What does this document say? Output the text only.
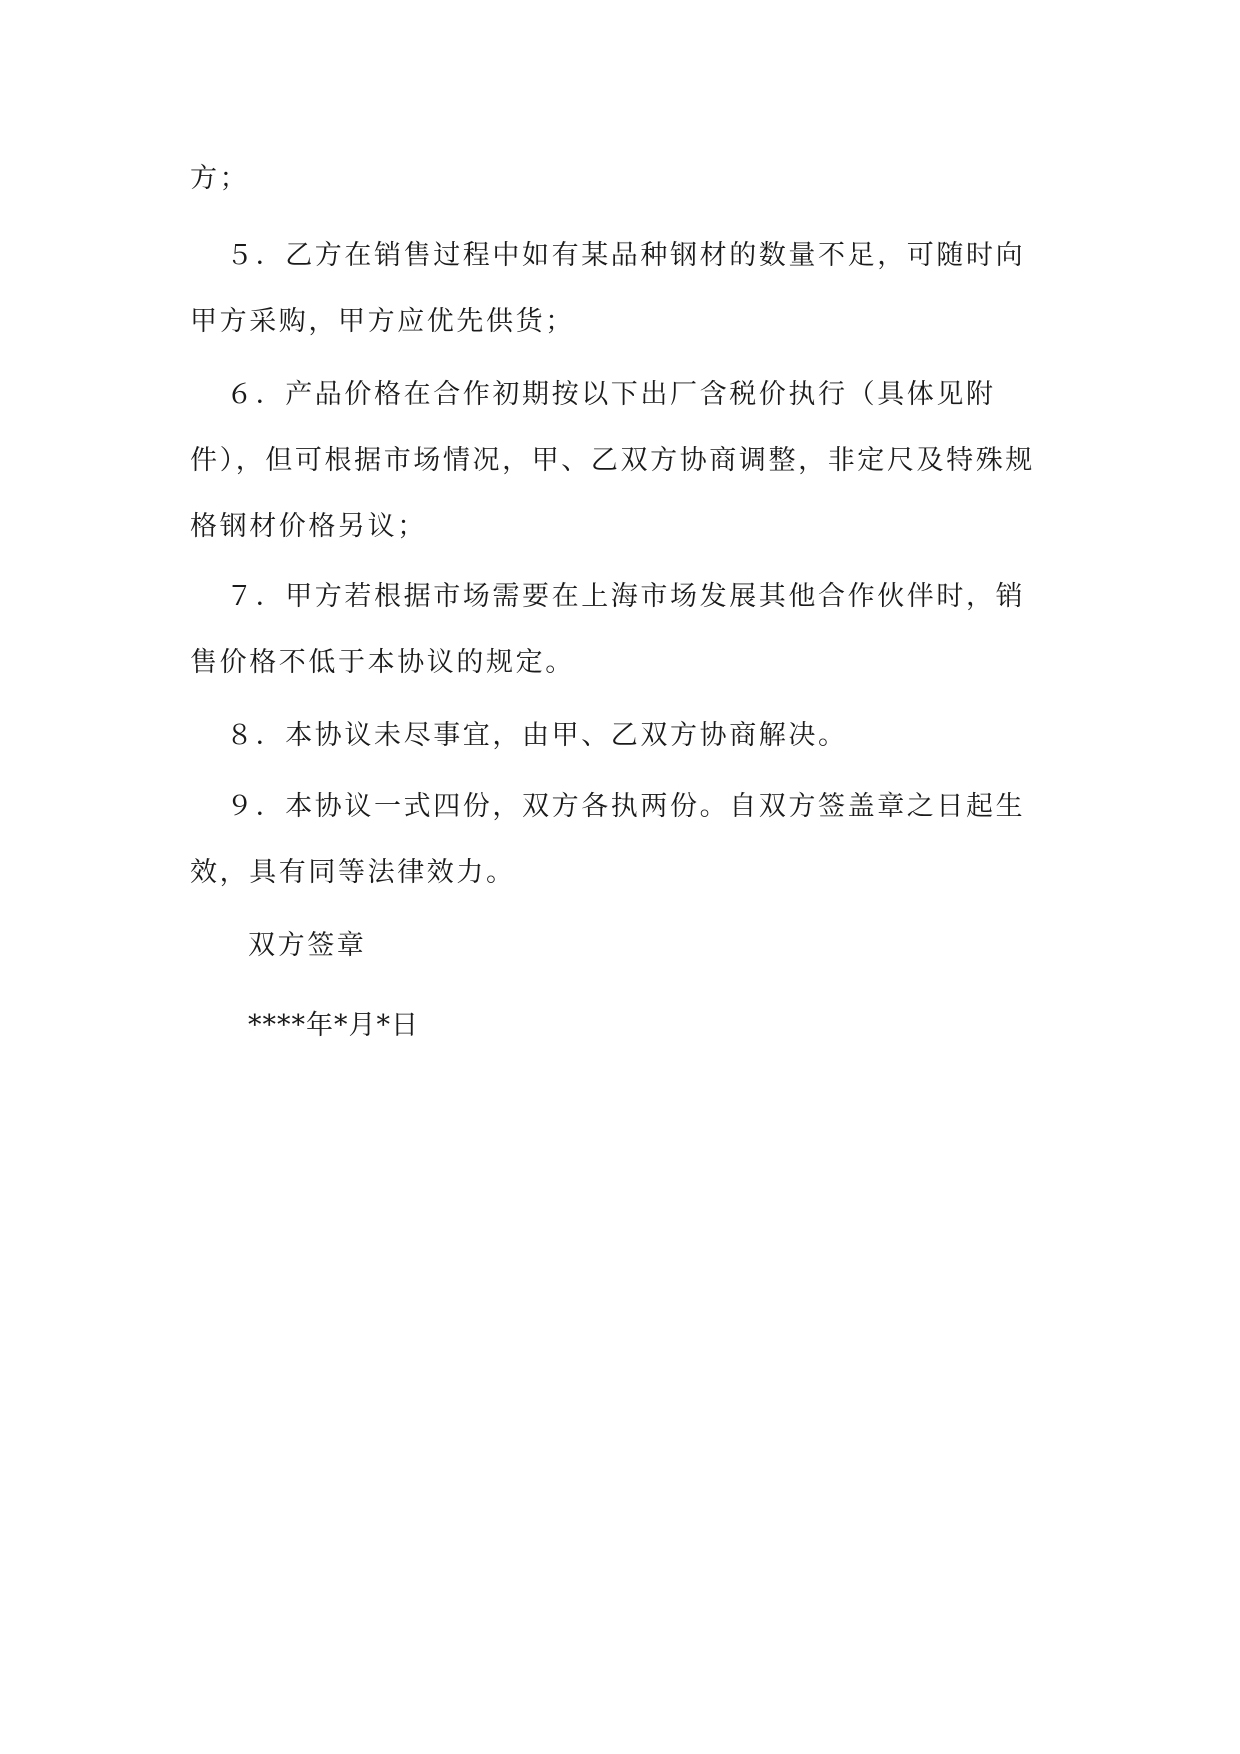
方；
５．乙方在销售过程中如有某品种钢材的数量不足，可随时向
甲方采购，甲方应优先供货；
６．产品价格在合作初期按以下出厂含税价执行（具体见附
件），但可根据市场情况，甲、乙双方协商调整，非定尺及特殊规
格钢材价格另议；
７．甲方若根据市场需要在上海市场发展其他合作伙伴时，销
售价格不低于本协议的规定。
８．本协议未尽事宜，由甲、乙双方协商解决。
９．本协议一式四份，双方各执两份。自双方签盖章之日起生
效，具有同等法律效力。
双方签章
****年*月*日
